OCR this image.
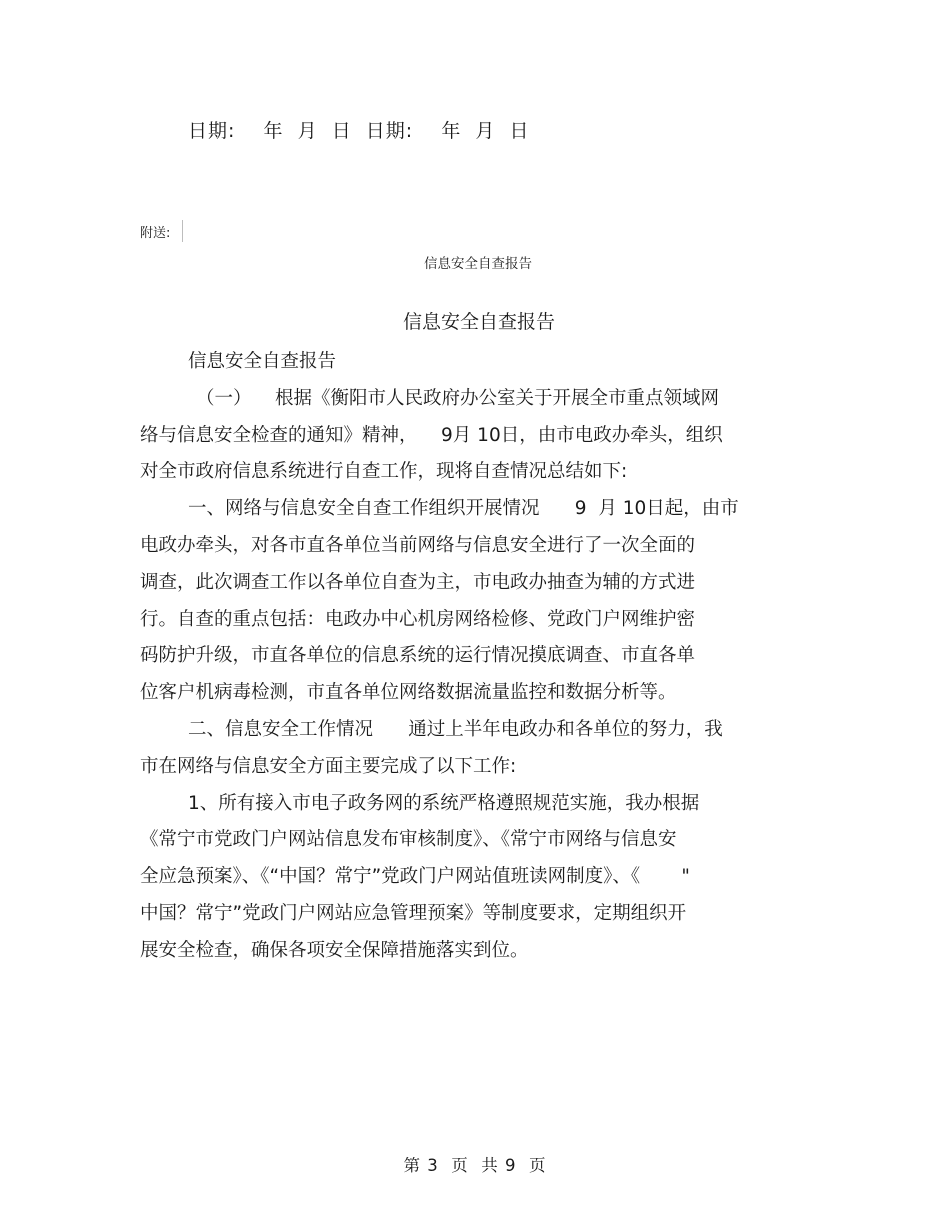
日期:    年  月  日  日期:    年  月  日
附送:
信息安全自查报告
信息安全自查报告
信息安全自查报告
（一）    根据《衡阳市人民政府办公室关于开展全市重点领域网
络与信息安全检查的通知》精神，    9月 10日，由市电政办牵头，组织
对全市政府信息系统进行自查工作，现将自查情况总结如下:
一、网络与信息安全自查工作组织开展情况      9  月 10日起，由市
电政办牵头，对各市直各单位当前网络与信息安全进行了一次全面的
调查，此次调查工作以各单位自查为主，市电政办抽查为辅的方式进
行。自查的重点包括：电政办中心机房网络检修、党政门户网维护密
码防护升级，市直各单位的信息系统的运行情况摸底调查、市直各单
位客户机病毒检测，市直各单位网络数据流量监控和数据分析等。
二、信息安全工作情况      通过上半年电政办和各单位的努力，我
市在网络与信息安全方面主要完成了以下工作:
1、所有接入市电子政务网的系统严格遵照规范实施，我办根据
《常宁市党政门户网站信息发布审核制度》、《常宁市网络与信息安
全应急预案》、《“中国？常宁”党政门户网站值班读网制度》、《       "
中国？常宁”党政门户网站应急管理预案》等制度要求，定期组织开
展安全检查，确保各项安全保障措施落实到位。
第 3  页  共 9  页
